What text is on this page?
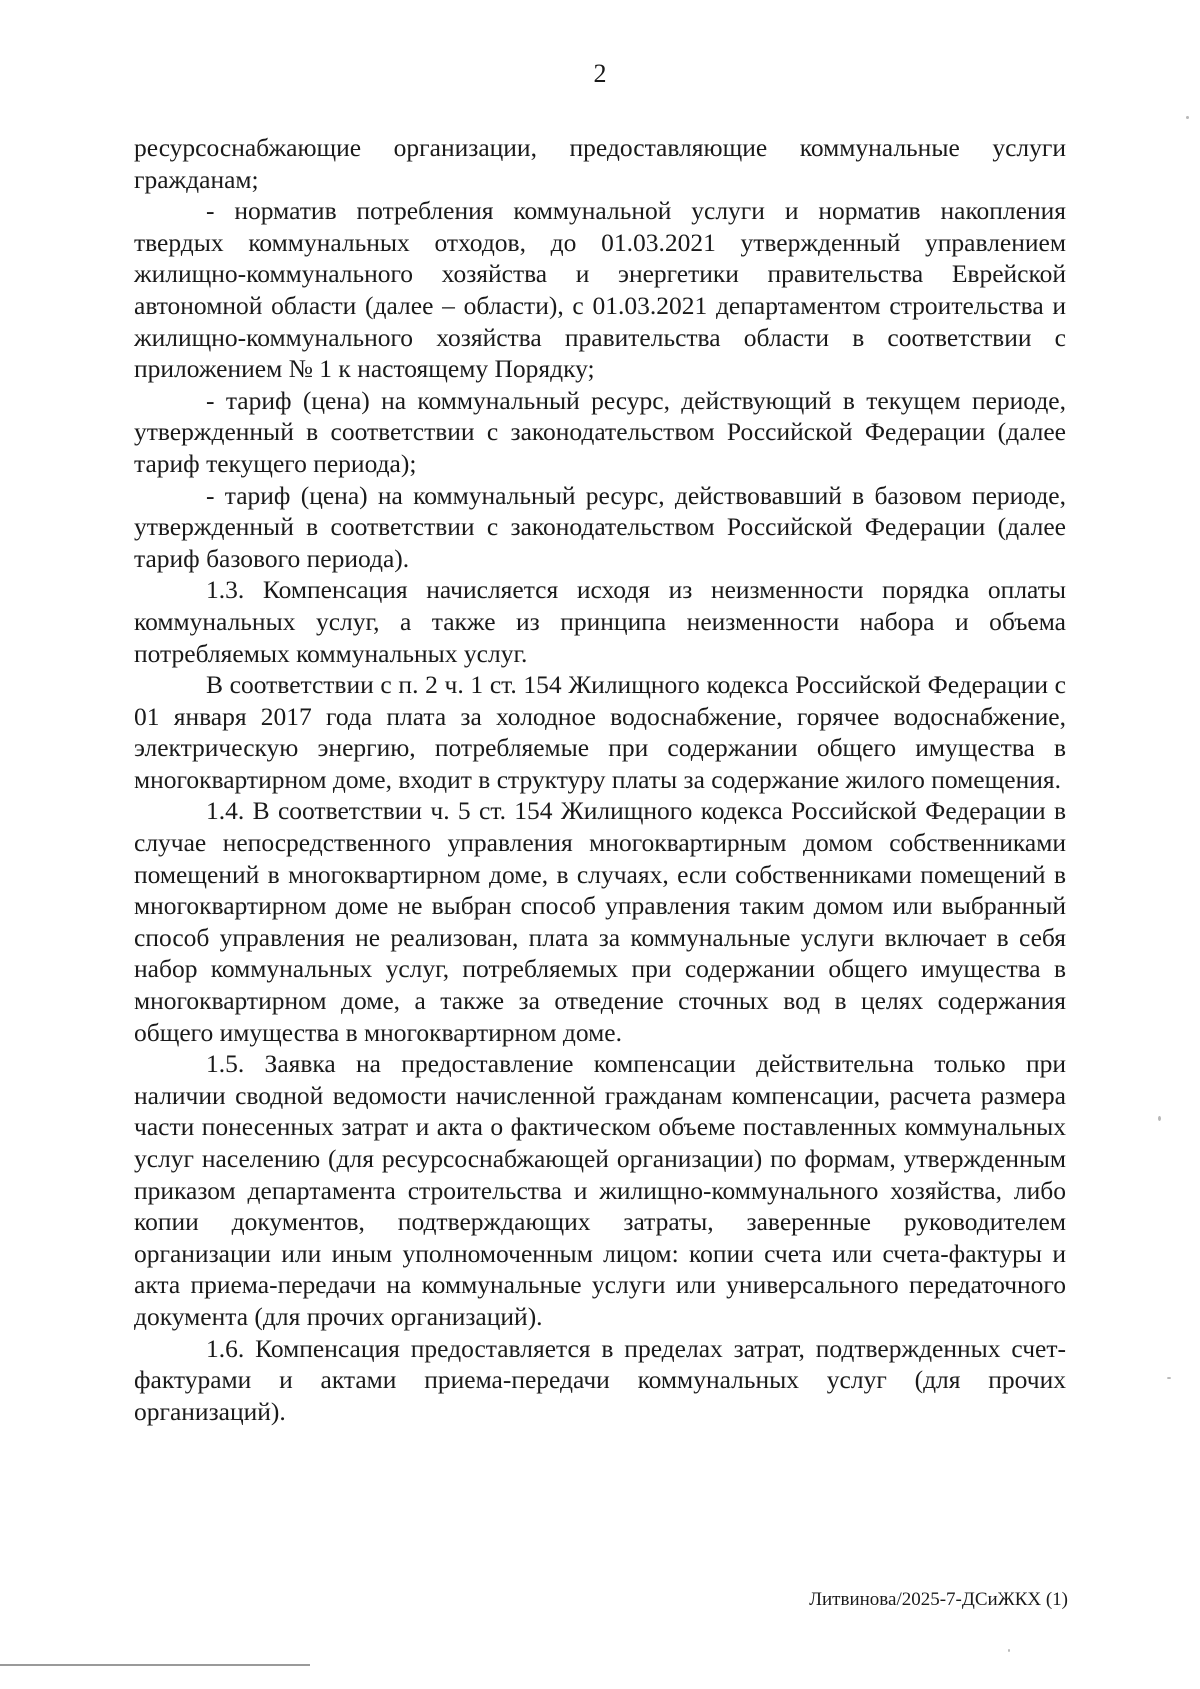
2

ресурсоснабжающие организации, предоставляющие коммунальные услуги гражданам;

- норматив потребления коммунальной услуги и норматив накопления твердых коммунальных отходов, до 01.03.2021 утвержденный управлением жилищно-коммунального хозяйства и энергетики правительства Еврейской автономной области (далее – области), с 01.03.2021 департаментом строительства и жилищно-коммунального хозяйства правительства области в соответствии с приложением № 1 к настоящему Порядку;

- тариф (цена) на коммунальный ресурс, действующий в текущем периоде, утвержденный в соответствии с законодательством Российской Федерации (далее тариф текущего периода);

- тариф (цена) на коммунальный ресурс, действовавший в базовом периоде, утвержденный в соответствии с законодательством Российской Федерации (далее тариф базового периода).

1.3. Компенсация начисляется исходя из неизменности порядка оплаты коммунальных услуг, а также из принципа неизменности набора и объема потребляемых коммунальных услуг.

В соответствии с п. 2 ч. 1 ст. 154 Жилищного кодекса Российской Федерации с 01 января 2017 года плата за холодное водоснабжение, горячее водоснабжение, электрическую энергию, потребляемые при содержании общего имущества в многоквартирном доме, входит в структуру платы за содержание жилого помещения.

1.4. В соответствии ч. 5 ст. 154 Жилищного кодекса Российской Федерации в случае непосредственного управления многоквартирным домом собственниками помещений в многоквартирном доме, в случаях, если собственниками помещений в многоквартирном доме не выбран способ управления таким домом или выбранный способ управления не реализован, плата за коммунальные услуги включает в себя набор коммунальных услуг, потребляемых при содержании общего имущества в многоквартирном доме, а также за отведение сточных вод в целях содержания общего имущества в многоквартирном доме.

1.5. Заявка на предоставление компенсации действительна только при наличии сводной ведомости начисленной гражданам компенсации, расчета размера части понесенных затрат и акта о фактическом объеме поставленных коммунальных услуг населению (для ресурсоснабжающей организации) по формам, утвержденным приказом департамента строительства и жилищно-коммунального хозяйства, либо копии документов, подтверждающих затраты, заверенные руководителем организации или иным уполномоченным лицом: копии счета или счета-фактуры и акта приема-передачи на коммунальные услуги или универсального передаточного документа (для прочих организаций).

1.6. Компенсация предоставляется в пределах затрат, подтвержденных счет-фактурами и актами приема-передачи коммунальных услуг (для прочих организаций).

Литвинова/2025-7-ДСиЖКХ (1)
